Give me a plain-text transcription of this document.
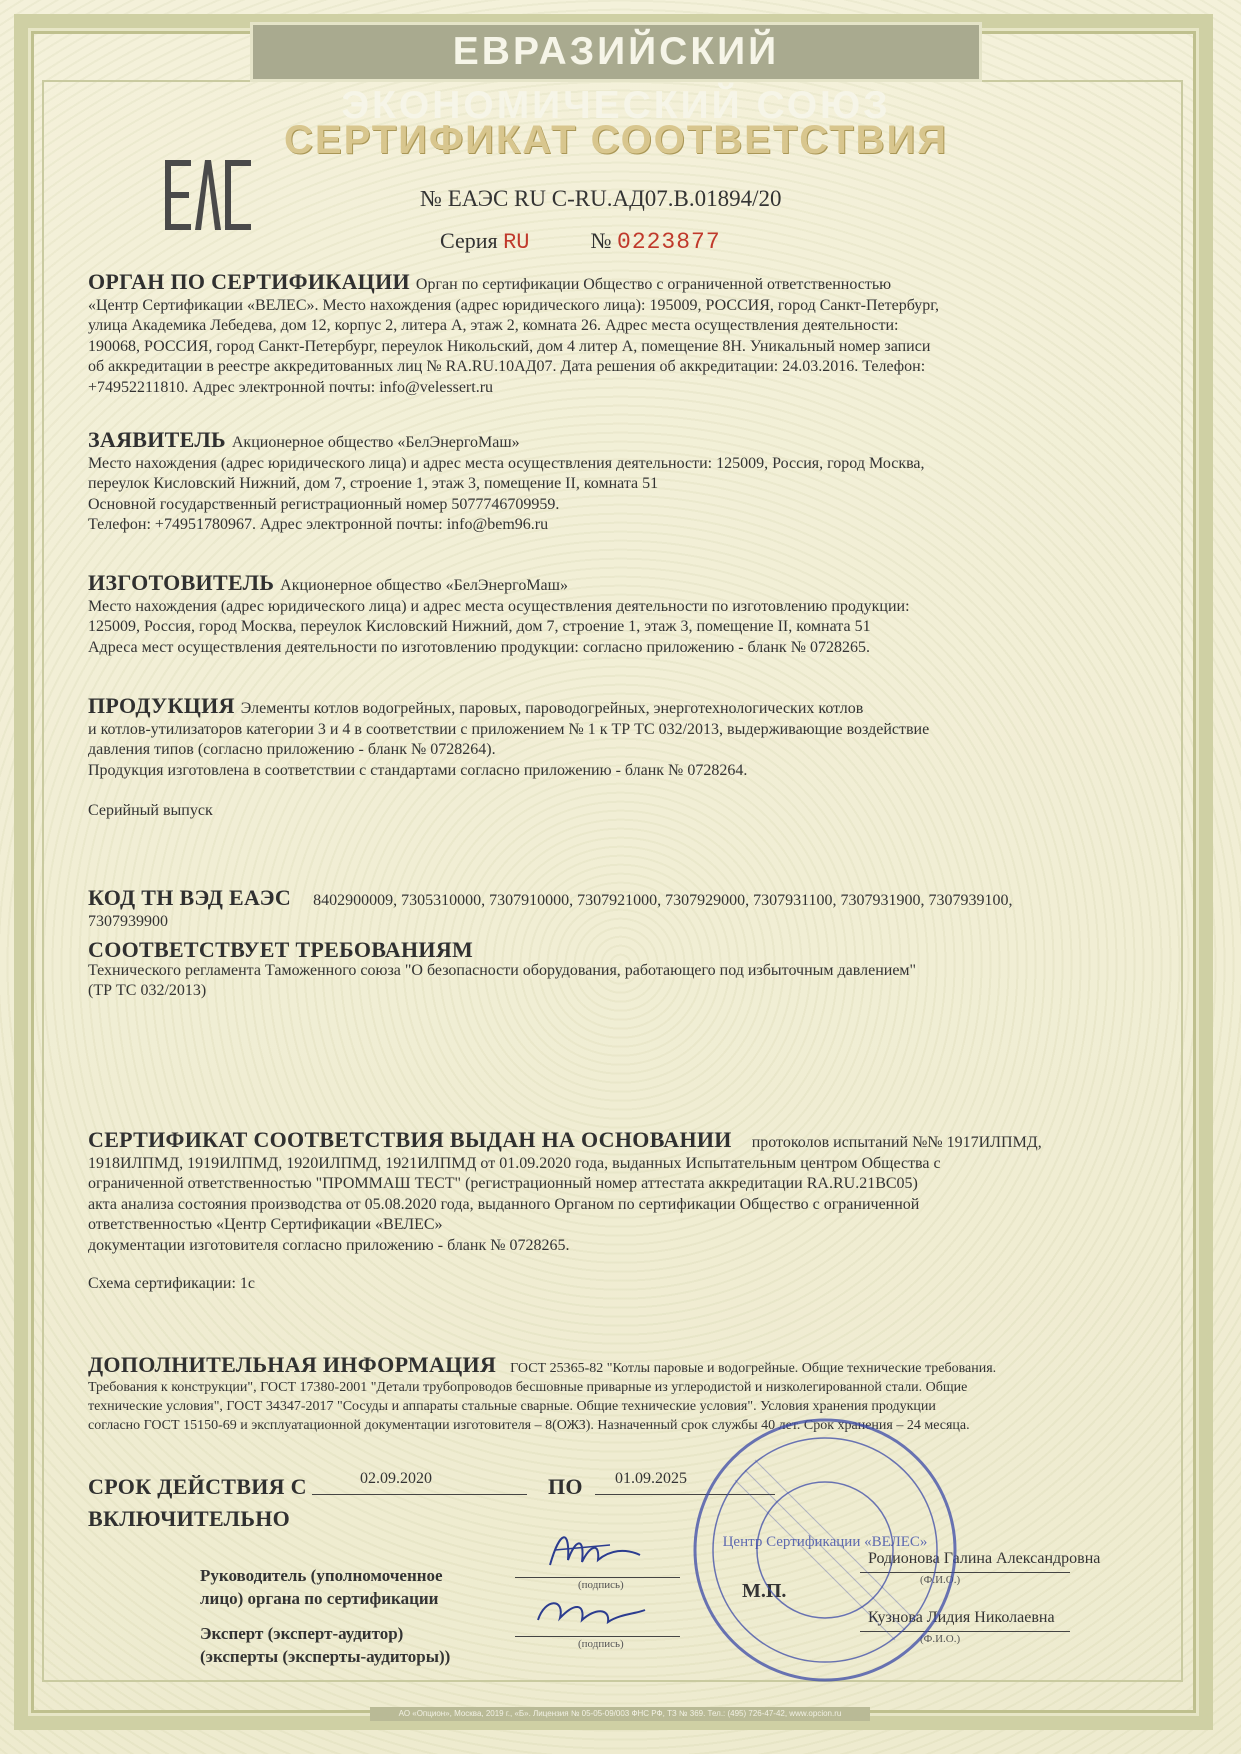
ЕВРАЗИЙСКИЙ ЭКОНОМИЧЕСКИЙ СОЮЗ
СЕРТИФИКАТ СООТВЕТСТВИЯ
№ ЕАЭС RU C-RU.АД07.В.01894/20
Серия RU	№ 0223877
ОРГАН ПО СЕРТИФИКАЦИИ Орган по сертификации Общество с ограниченной ответственностью
«Центр Сертификации «ВЕЛЕС». Место нахождения (адрес юридического лица): 195009, РОССИЯ, город Санкт-Петербург,
улица Академика Лебедева, дом 12, корпус 2, литера А, этаж 2, комната 26. Адрес места осуществления деятельности:
190068, РОССИЯ, город Санкт-Петербург, переулок Никольский, дом 4 литер А, помещение 8Н. Уникальный номер записи
об аккредитации в реестре аккредитованных лиц № RA.RU.10АД07. Дата решения об аккредитации: 24.03.2016. Телефон:
+74952211810. Адрес электронной почты: info@velessert.ru
ЗАЯВИТЕЛЬ Акционерное общество «БелЭнергоМаш»
Место нахождения (адрес юридического лица) и адрес места осуществления деятельности: 125009, Россия, город Москва,
переулок Кисловский Нижний, дом 7, строение 1, этаж 3, помещение II, комната 51
Основной государственный регистрационный номер 5077746709959.
Телефон: +74951780967. Адрес электронной почты: info@bem96.ru
ИЗГОТОВИТЕЛЬ Акционерное общество «БелЭнергоМаш»
Место нахождения (адрес юридического лица) и адрес места осуществления деятельности по изготовлению продукции:
125009, Россия, город Москва, переулок Кисловский Нижний, дом 7, строение 1, этаж 3, помещение II, комната 51
Адреса мест осуществления деятельности по изготовлению продукции: согласно приложению - бланк № 0728265.
ПРОДУКЦИЯ Элементы котлов водогрейных, паровых, пароводогрейных, энерготехнологических котлов
и котлов-утилизаторов категории 3 и 4 в соответствии с приложением № 1 к ТР ТС 032/2013, выдерживающие воздействие
давления типов (согласно приложению - бланк № 0728264).
Продукция изготовлена в соответствии с стандартами согласно приложению - бланк № 0728264.
Серийный выпуск
КОД ТН ВЭД ЕАЭС 8402900009, 7305310000, 7307910000, 7307921000, 7307929000, 7307931100, 7307931900, 7307939100,
7307939900
СООТВЕТСТВУЕТ ТРЕБОВАНИЯМ
Технического регламента Таможенного союза "О безопасности оборудования, работающего под избыточным давлением"
(ТР ТС 032/2013)
СЕРТИФИКАТ СООТВЕТСТВИЯ ВЫДАН НА ОСНОВАНИИ протоколов испытаний №№ 1917ИЛПМД,
1918ИЛПМД, 1919ИЛПМД, 1920ИЛПМД, 1921ИЛПМД от 01.09.2020 года, выданных Испытательным центром Общества с
ограниченной ответственностью "ПРОММАШ ТЕСТ" (регистрационный номер аттестата аккредитации RA.RU.21ВС05)
акта анализа состояния производства от 05.08.2020 года, выданного Органом по сертификации Общество с ограниченной
ответственностью «Центр Сертификации «ВЕЛЕС»
документации изготовителя согласно приложению - бланк № 0728265.
Схема сертификации: 1с
ДОПОЛНИТЕЛЬНАЯ ИНФОРМАЦИЯ ГОСТ 25365-82 "Котлы паровые и водогрейные. Общие технические требования.
Требования к конструкции", ГОСТ 17380-2001 "Детали трубопроводов бесшовные приварные из углеродистой и низколегированной стали. Общие
технические условия", ГОСТ 34347-2017 "Сосуды и аппараты стальные сварные. Общие технические условия". Условия хранения продукции
согласно ГОСТ 15150-69 и эксплуатационной документации изготовителя – 8(ОЖЗ). Назначенный срок службы 40 лет. Срок хранения – 24 месяца.
СРОК ДЕЙСТВИЯ С	02.09.2020	ПО 01.09.2025
ВКЛЮЧИТЕЛЬНО
Руководитель (уполномоченное
лицо) органа по сертификации
(подпись)
Родионова Галина Александровна
(Ф.И.О.)
М.П.
Эксперт (эксперт-аудитор)
(эксперты (эксперты-аудиторы))
(подпись)
Кузнова Лидия Николаевна
(Ф.И.О.)
Центр Сертификации «ВЕЛЕС»
АО «Опцион», Москва, 2019 г., «Б». Лицензия № 05-05-09/003 ФНС РФ, ТЗ № 369. Тел.: (495) 726-47-42, www.opcion.ru
